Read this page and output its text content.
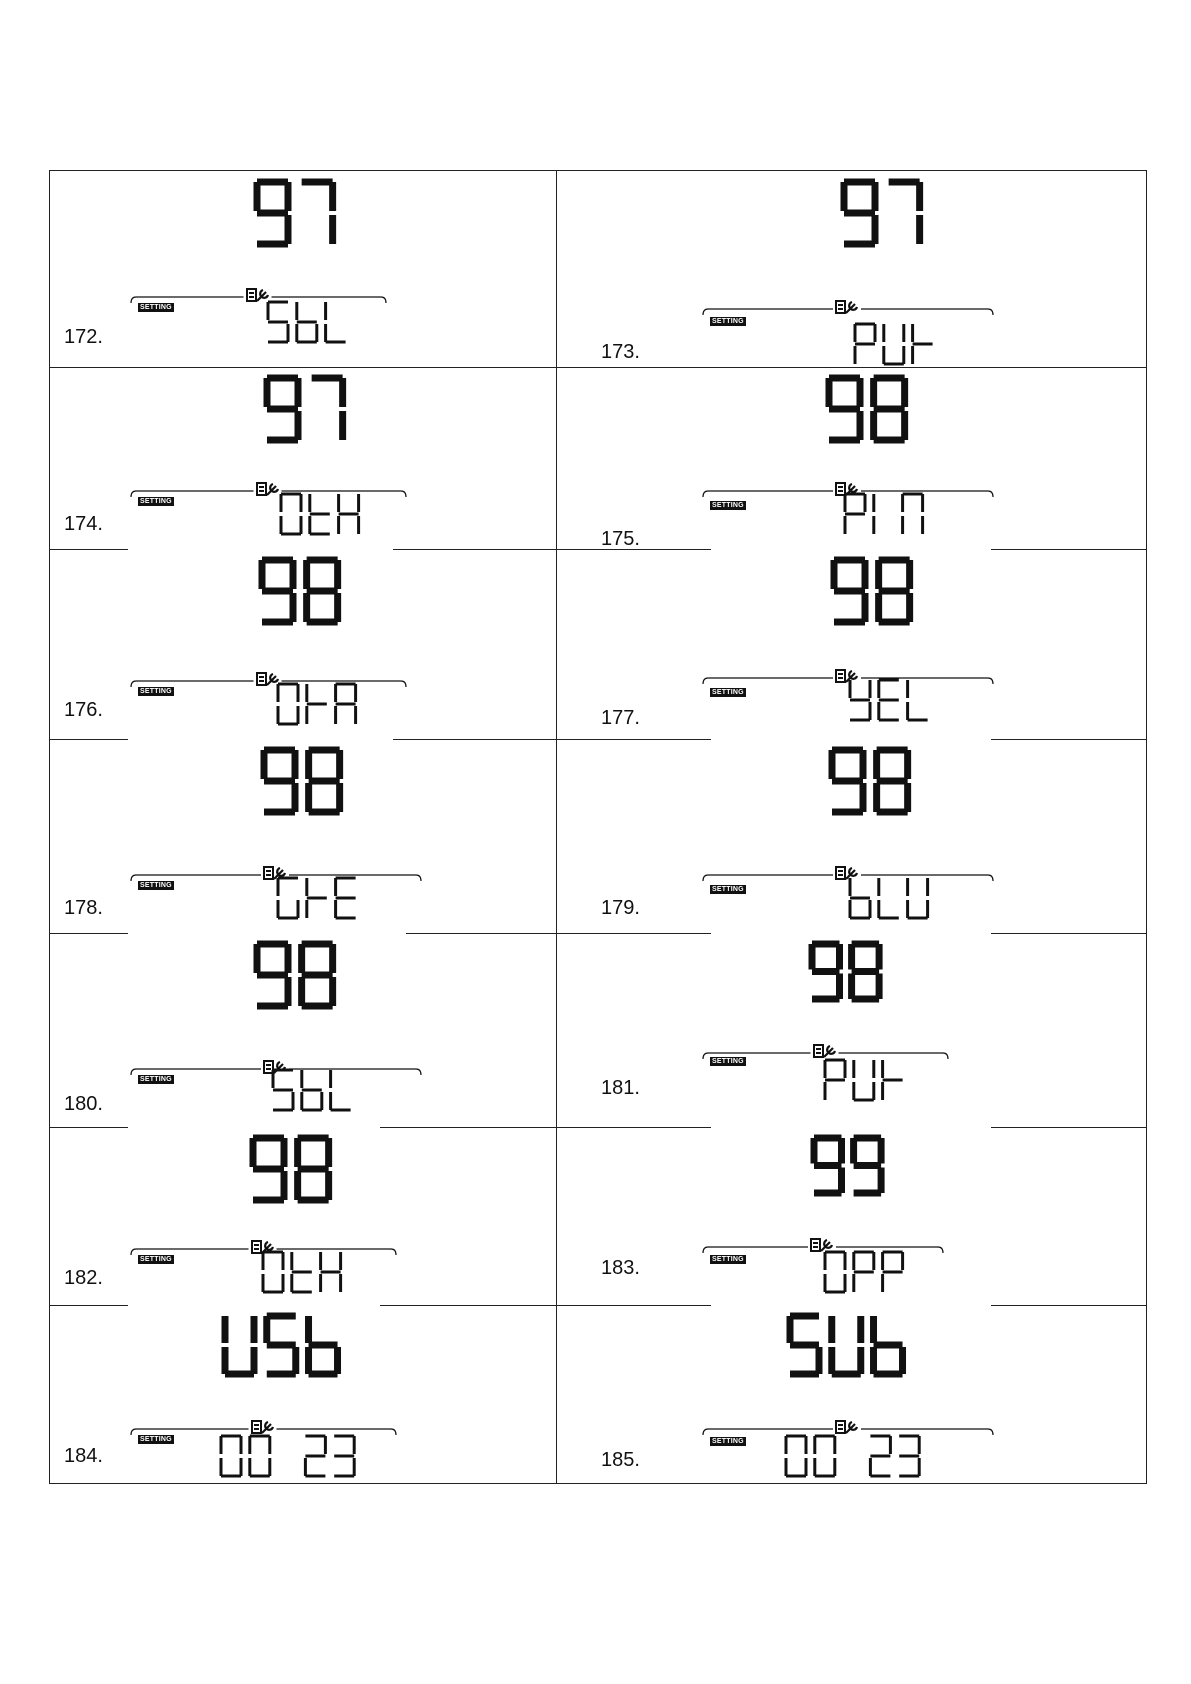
SETTING
172.
SETTING
173.
SETTING
174.
SETTING
175.
SETTING
176.
SETTING
177.
SETTING
178.
SETTING
179.
SETTING
180.
SETTING
181.
SETTING
182.
SETTING
183.
SETTING
184.
SETTING
185.
